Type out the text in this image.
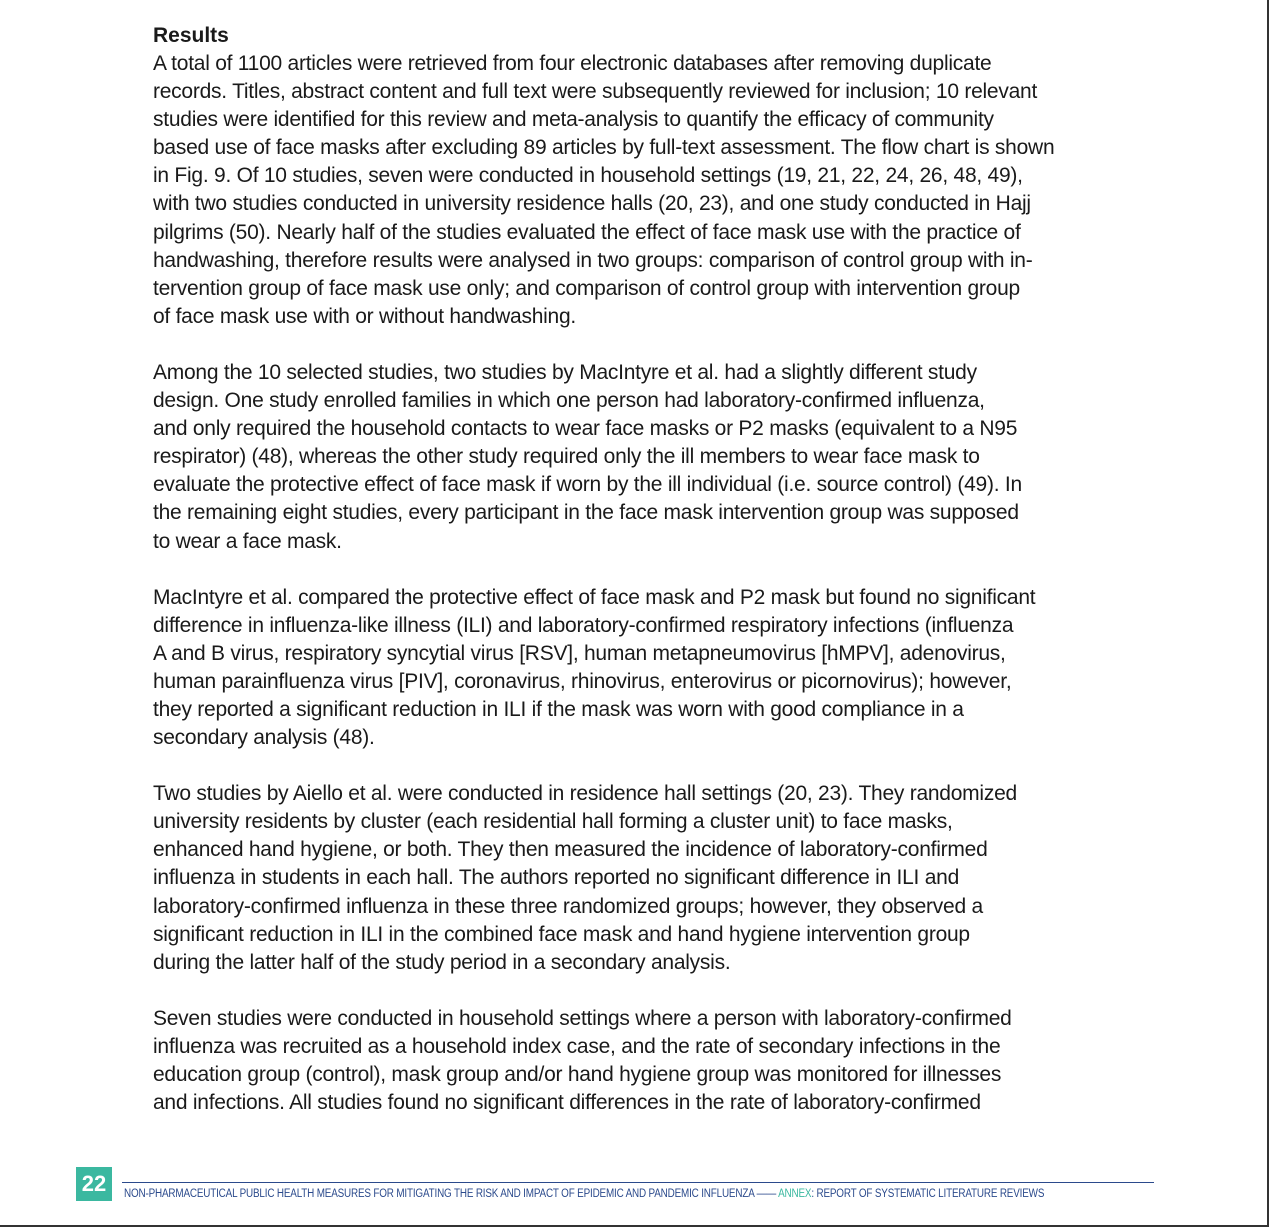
Results

A total of 1100 articles were retrieved from four electronic databases after removing duplicate
records. Titles, abstract content and full text were subsequently reviewed for inclusion; 10 relevant
studies were identified for this review and meta-analysis to quantify the efficacy of community
based use of face masks after excluding 89 articles by full-text assessment. The flow chart is shown
in Fig. 9. Of 10 studies, seven were conducted in household settings (19, 21, 22, 24, 26, 48, 49),
with two studies conducted in university residence halls (20, 23), and one study conducted in Hajj
pilgrims (50). Nearly half of the studies evaluated the effect of face mask use with the practice of
handwashing, therefore results were analysed in two groups: comparison of control group with in-
tervention group of face mask use only; and comparison of control group with intervention group
of face mask use with or without handwashing.

Among the 10 selected studies, two studies by MacIntyre et al. had a slightly different study
design. One study enrolled families in which one person had laboratory-confirmed influenza,
and only required the household contacts to wear face masks or P2 masks (equivalent to a N95
respirator) (48), whereas the other study required only the ill members to wear face mask to
evaluate the protective effect of face mask if worn by the ill individual (i.e. source control) (49). In
the remaining eight studies, every participant in the face mask intervention group was supposed
to wear a face mask.

MacIntyre et al. compared the protective effect of face mask and P2 mask but found no significant
difference in influenza-like illness (ILI) and laboratory-confirmed respiratory infections (influenza
A and B virus, respiratory syncytial virus [RSV], human metapneumovirus [hMPV], adenovirus,
human parainfluenza virus [PIV], coronavirus, rhinovirus, enterovirus or picornovirus); however,
they reported a significant reduction in ILI if the mask was worn with good compliance in a
secondary analysis (48).

Two studies by Aiello et al. were conducted in residence hall settings (20, 23). They randomized
university residents by cluster (each residential hall forming a cluster unit) to face masks,
enhanced hand hygiene, or both. They then measured the incidence of laboratory-confirmed
influenza in students in each hall. The authors reported no significant difference in ILI and
laboratory-confirmed influenza in these three randomized groups; however, they observed a
significant reduction in ILI in the combined face mask and hand hygiene intervention group
during the latter half of the study period in a secondary analysis.

Seven studies were conducted in household settings where a person with laboratory-confirmed
influenza was recruited as a household index case, and the rate of secondary infections in the
education group (control), mask group and/or hand hygiene group was monitored for illnesses
and infections. All studies found no significant differences in the rate of laboratory-confirmed

22	NON-PHARMACEUTICAL PUBLIC HEALTH MEASURES FOR MITIGATING THE RISK AND IMPACT OF EPIDEMIC AND PANDEMIC INFLUENZA —— ANNEX: REPORT OF SYSTEMATIC LITERATURE REVIEWS
